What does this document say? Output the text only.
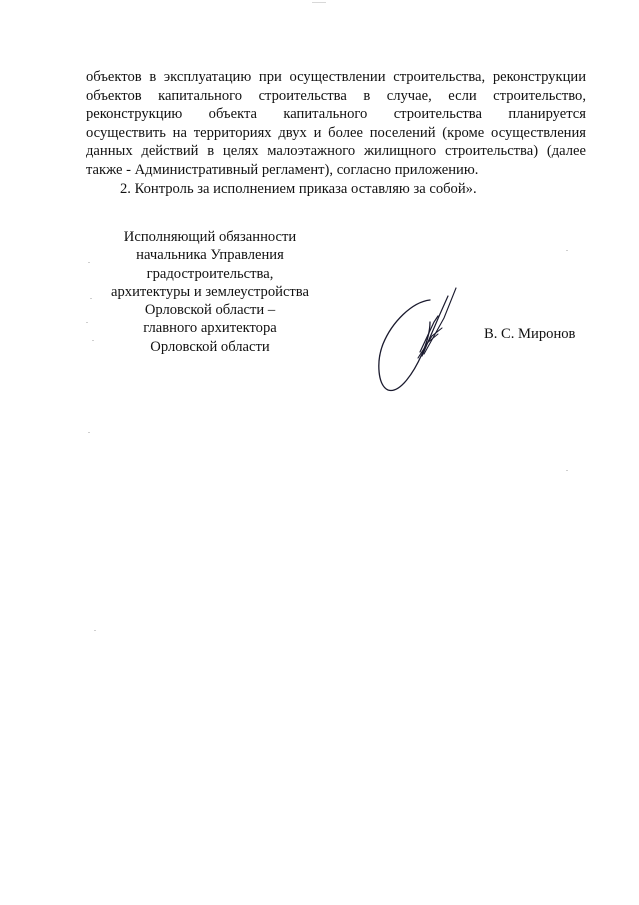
объектов в эксплуатацию при осуществлении строительства, реконструкции
объектов капитального строительства в случае, если строительство,
реконструкцию объекта капитального строительства планируется
осуществить на территориях двух и более поселений (кроме осуществления
данных действий в целях малоэтажного жилищного строительства) (далее
также - Административный регламент), согласно приложению.
2. Контроль за исполнением приказа оставляю за собой».
Исполняющий обязанности
начальника Управления
градостроительства,
архитектуры и землеустройства
Орловской области –
главного архитектора
Орловской области
В. С. Миронов
